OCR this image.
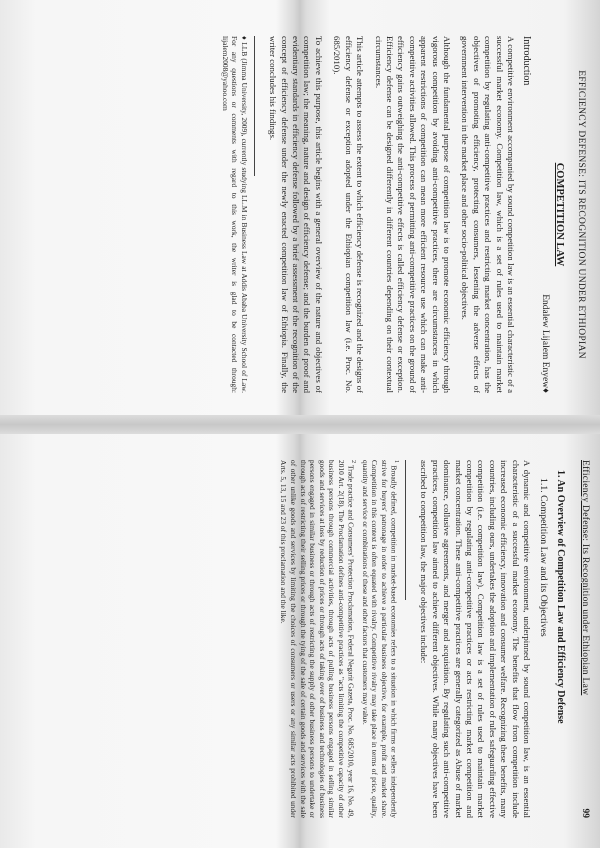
EFFICIENCY DEFENSE: ITS RECOGNITION UNDER ETHIOPIAN

COMPETITION LAW

Endalew Lijalem Enyew♦

Introduction

A competitive environment accompanied by sound competition law is an essential characteristic of a successful market economy. Competition law, which is a set of rules used to maintain market competition by regulating anti-competitive practices and restricting market concentration, has the objectives of promoting efficiency, protecting consumers, lessening the adverse effects of government intervention in the market place and other socio-political objectives.

Although the fundamental purpose of competition law is to promote economic efficiency through vigorous competition by avoiding anti-competitive practices, there are circumstances in which apparent restrictions of competition can mean more efficient resource use which can make anti-competitive activities allowed. This process of permitting anti-competitive practices on the ground of efficiency gains outweighing the anti-competitive effects is called efficiency defense or exception. Efficiency defense can be designed differently in different countries depending on their contextual circumstances.

This article attempts to assess the extent to which efficiency defense is recognized and the designs of efficiency defense or exception adopted under the Ethiopian competition law (i.e. Proc. No. 685/2010).

To achieve this purpose, this article begins with a general overview of the nature and objectives of competition law; the meaning, nature and design of efficiency defense; and the burden of proof and evidentiary standards in efficiency defense followed by a brief assessment of the recognition of the concept of efficiency defense under the newly enacted competition law of Ethiopia. Finally, the writer concludes his findings.

♦ LLB (Jimma University, 2009), currently studying LL.M in Business Law at Addis Ababa University School of Law. For any questions or comments with regard to this work, the writer is glad to be contacted through: lijalem2008@yahoo.com

Efficiency Defense: Its Recognition under Ethiopian Law

99

1. An Overview of Competition Law and Efficiency Defense

1.1. Competition Law and its Objectives

A dynamic and competitive environment, underpinned by sound competition law, is an essential characteristic of a successful market economy. The benefits that flow from competition include increased economic efficiency, innovation and consumer welfare. Recognizing these benefits, many countries, including ours, undertakes the adoption and implementation of rules safeguarding effective competition (i.e. competition law). Competition law is a set of rules used to maintain market competition by regulating anti-competitive practices or acts restricting market competition and market concentration. These anti-competitive practices are generally categorized as Abuse of market dominance, collusive agreements, and merger and acquisition. By regulating such anti-competitive practices, competition law aimed to achieve different objectives. While many objectives have been ascribed to competition law, the major objectives include:

$^1$ Broadly defined, competition in market-based economies refers to a situation in which firms or sellers independently strive for buyers' patronage in order to achieve a particular business objective, for example, profit and market share. Competition in this context is often equated with rivalry. Competitive rivalry may take place in terms of price, quality, quantity and service or combinations of these and other factors that customers may value.

$^2$ Trade practice and Consumers' Protection Proclamation, Federal Negarit Gazeta, Proc. No. 685/2010, year 16, No. 49, 2010 Art. 2(18). The Proclamation defines anti-competitive practices as "acts limiting the competitive capacity of other business persons through commercial activities, through acts of pulling business persons engaged in selling similar goods and services at loss by reduction of prices or through acts of taking over of business and technologies of business persons engaged in similar business or through acts of restricting the supply of other business persons to undertake or through acts of restricting their selling prices or through the tying of the sale of certain goods and services with the sale of other unlike goods and services by limiting the choices of consumers or users or any similar acts prohibited under Arts. 5, 13, 15 and 23 of this proclamation and the like.
